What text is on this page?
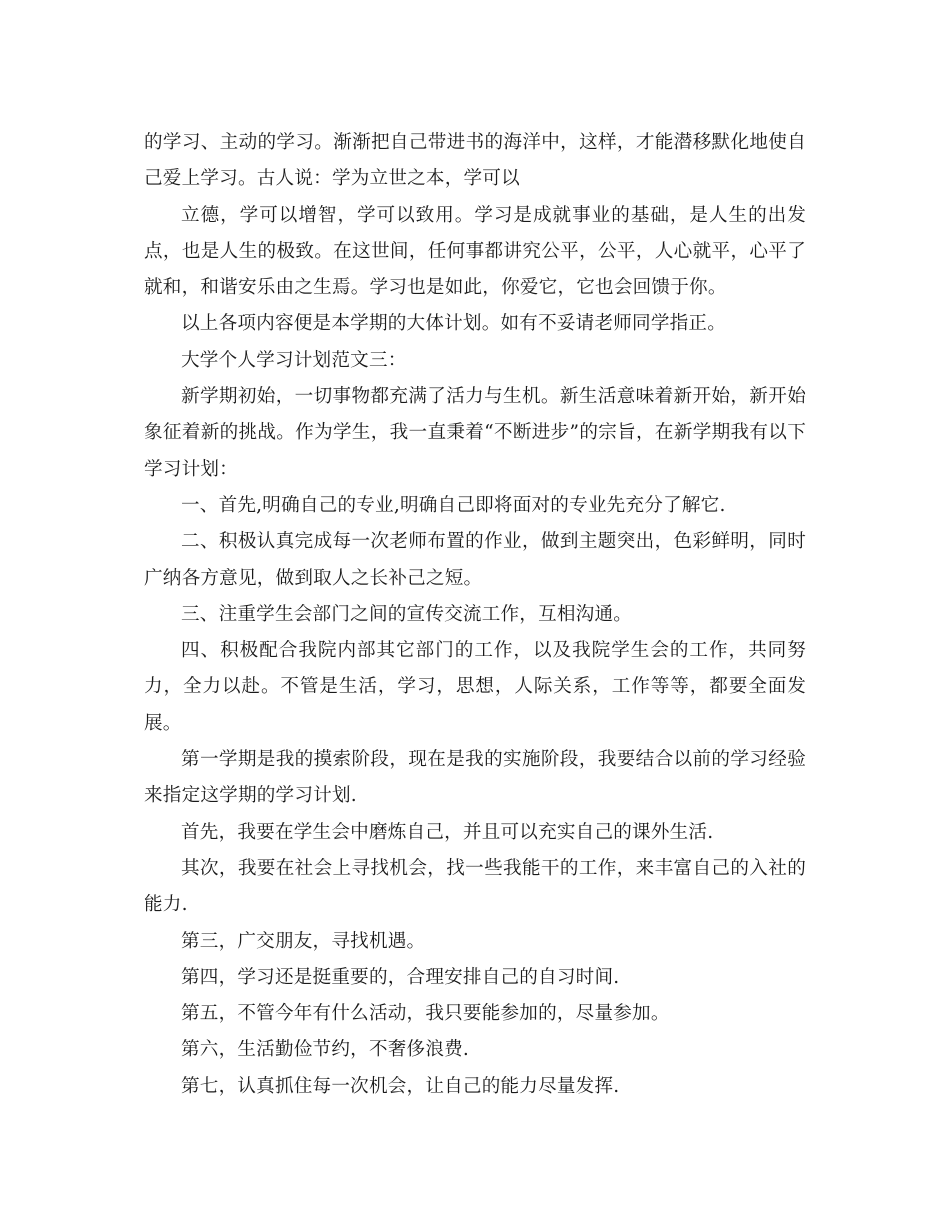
的学习、主动的学习。渐渐把自己带进书的海洋中，这样，才能潜移默化地使自己爱上学习。古人说：学为立世之本，学可以

立德，学可以增智，学可以致用。学习是成就事业的基础，是人生的出发点，也是人生的极致。在这世间，任何事都讲究公平，公平，人心就平，心平了就和，和谐安乐由之生焉。学习也是如此，你爱它，它也会回馈于你。

以上各项内容便是本学期的大体计划。如有不妥请老师同学指正。

大学个人学习计划范文三：

新学期初始，一切事物都充满了活力与生机。新生活意味着新开始，新开始象征着新的挑战。作为学生，我一直秉着“不断进步”的宗旨，在新学期我有以下学习计划：

一、首先,明确自己的专业,明确自己即将面对的专业先充分了解它.

二、积极认真完成每一次老师布置的作业，做到主题突出，色彩鲜明，同时广纳各方意见，做到取人之长补己之短。

三、注重学生会部门之间的宣传交流工作，互相沟通。

四、积极配合我院内部其它部门的工作，以及我院学生会的工作，共同努力，全力以赴。不管是生活，学习，思想，人际关系，工作等等，都要全面发展。

第一学期是我的摸索阶段，现在是我的实施阶段，我要结合以前的学习经验来指定这学期的学习计划.

首先，我要在学生会中磨炼自己，并且可以充实自己的课外生活.

其次，我要在社会上寻找机会，找一些我能干的工作，来丰富自己的入社的能力.

第三，广交朋友，寻找机遇。

第四，学习还是挺重要的，合理安排自己的自习时间.

第五，不管今年有什么活动，我只要能参加的，尽量参加。

第六，生活勤俭节约，不奢侈浪费.

第七，认真抓住每一次机会，让自己的能力尽量发挥.
